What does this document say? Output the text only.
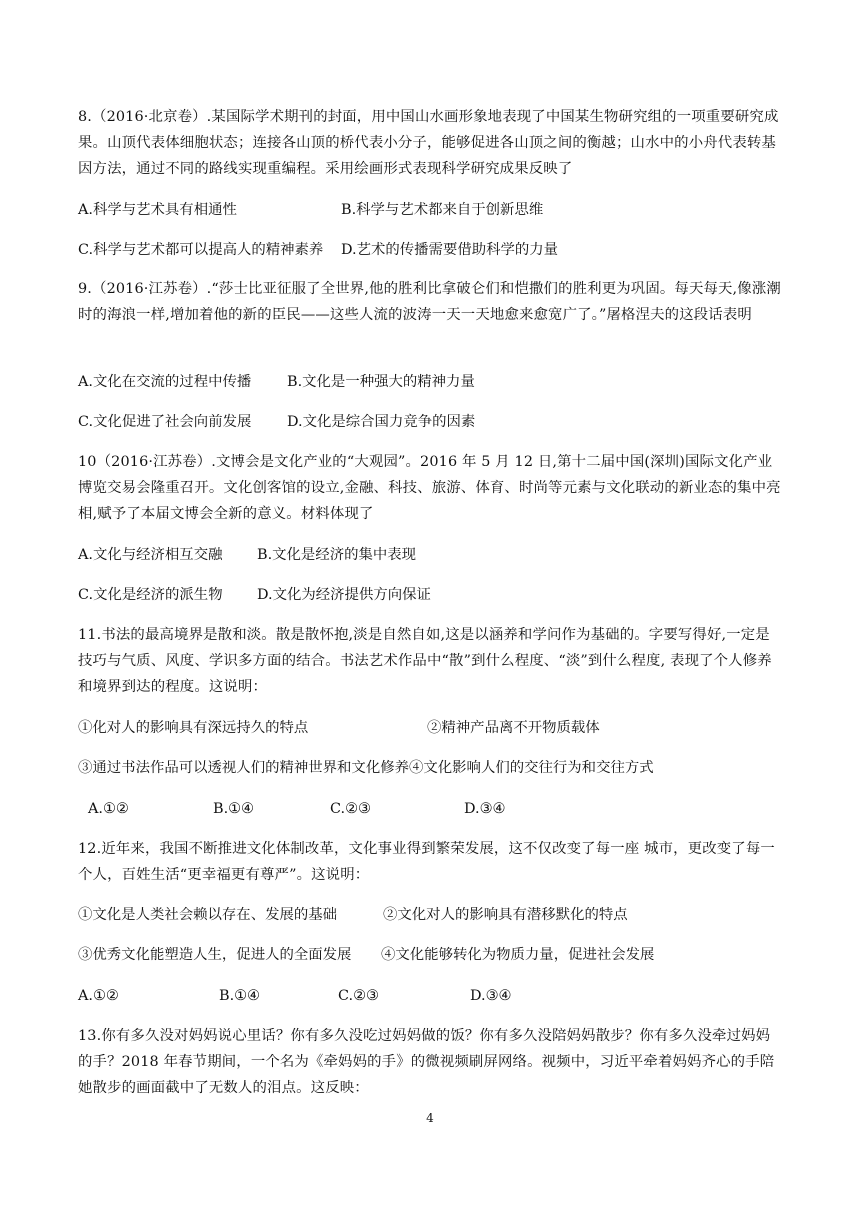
8.（2016·北京卷）.某国际学术期刊的封面，用中国山水画形象地表现了中国某生物研究组的一项重要研究成果。山顶代表体细胞状态；连接各山顶的桥代表小分子，能够促进各山顶之间的衡越；山水中的小舟代表转基因方法，通过不同的路线实现重编程。采用绘画形式表现科学研究成果反映了
A.科学与艺术具有相通性	B.科学与艺术都来自于创新思维
C.科学与艺术都可以提高人的精神素养 D.艺术的传播需要借助科学的力量
9.（2016·江苏卷）.“莎士比亚征服了全世界,他的胜利比拿破仑们和恺撒们的胜利更为巩固。每天每天,像涨潮时的海浪一样,增加着他的新的臣民——这些人流的波涛一天一天地愈来愈宽广了。”屠格涅夫的这段话表明
A.文化在交流的过程中传播 B.文化是一种强大的精神力量
C.文化促进了社会向前发展 D.文化是综合国力竞争的因素
10（2016·江苏卷）.文博会是文化产业的“大观园”。2016 年 5 月 12 日,第十二届中国(深圳)国际文化产业博览交易会隆重召开。文化创客馆的设立,金融、科技、旅游、体育、时尚等元素与文化联动的新业态的集中亮相,赋予了本届文博会全新的意义。材料体现了
A.文化与经济相互交融 B.文化是经济的集中表现
C.文化是经济的派生物 D.文化为经济提供方向保证
11.书法的最高境界是散和淡。散是散怀抱,淡是自然自如,这是以涵养和学问作为基础的。字要写得好,一定是技巧与气质、风度、学识多方面的结合。书法艺术作品中“散”到什么程度、“淡”到什么程度, 表现了个人修养和境界到达的程度。这说明：
①化对人的影响具有深远持久的特点	②精神产品离不开物质载体
③通过书法作品可以透视人们的精神世界和文化修养④文化影响人们的交往行为和交往方式
A.①②	B.①④	C.②③	D.③④
12.近年来，我国不断推进文化体制改革，文化事业得到繁荣发展，这不仅改变了每一座 城市，更改变了每一个人，百姓生活“更幸福更有尊严”。这说明：
①文化是人类社会赖以存在、发展的基础	②文化对人的影响具有潜移默化的特点
③优秀文化能塑造人生，促进人的全面发展 ④文化能够转化为物质力量，促进社会发展
A.①②	B.①④	C.②③	D.③④
13.你有多久没对妈妈说心里话？你有多久没吃过妈妈做的饭？你有多久没陪妈妈散步？你有多久没牵过妈妈的手？2018 年春节期间，一个名为《牵妈妈的手》的微视频刷屏网络。视频中，习近平牵着妈妈齐心的手陪她散步的画面截中了无数人的泪点。这反映：
4
